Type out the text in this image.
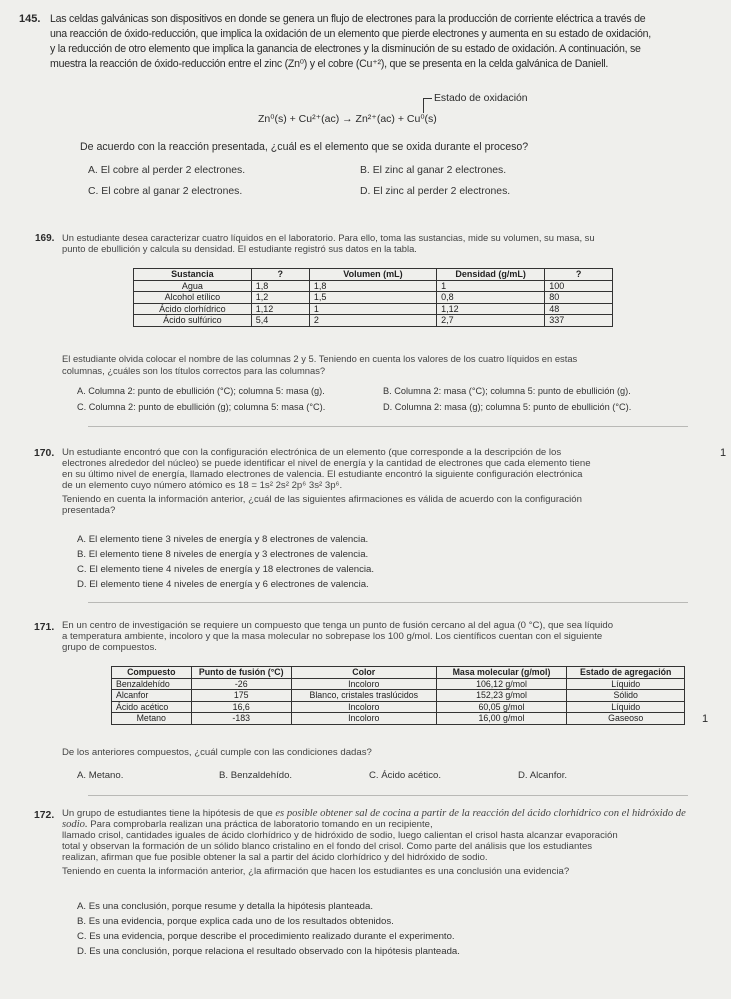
145. Las celdas galvánicas son dispositivos en donde se genera un flujo de electrones para la producción de corriente eléctrica a través de
una reacción de óxido-reducción, que implica la oxidación de un elemento que pierde electrones y aumenta en su estado de oxidación,
y la reducción de otro elemento que implica la ganancia de electrones y la disminución de su estado de oxidación. A continuación, se
muestra la reacción de óxido-reducción entre el zinc (Zn⁰) y el cobre (Cu⁺²), que se presenta en la celda galvánica de Daniell.
Estado de oxidación
Zn⁰(s) + Cu²⁺(ac) → Zn²⁺(ac) + Cu⁰(s)
De acuerdo con la reacción presentada, ¿cuál es el elemento que se oxida durante el proceso?
A. El cobre al perder 2 electrones.	B. El zinc al ganar 2 electrones.
C. El cobre al ganar 2 electrones.	D. El zinc al perder 2 electrones.
169. Un estudiante desea caracterizar cuatro líquidos en el laboratorio. Para ello, toma las sustancias, mide su volumen, su masa, su
punto de ebullición y calcula su densidad. El estudiante registró sus datos en la tabla.
Sustancia	?	Volumen (mL)	Densidad (g/mL)	?
Agua	1,8	1,8	1	100
Alcohol etílico	1,2	1,5	0,8	80
Ácido clorhídrico	1,12	1	1,12	48
Ácido sulfúrico	5,4	2	2,7	337
El estudiante olvida colocar el nombre de las columnas 2 y 5. Teniendo en cuenta los valores de los cuatro líquidos en estas
columnas, ¿cuáles son los títulos correctos para las columnas?
A. Columna 2: punto de ebullición (°C); columna 5: masa (g).	B. Columna 2: masa (°C); columna 5: punto de ebullición (g).
C. Columna 2: punto de ebullición (g); columna 5: masa (°C).	D. Columna 2: masa (g); columna 5: punto de ebullición (°C).
170. Un estudiante encontró que con la configuración electrónica de un elemento (que corresponde a la descripción de los
electrones alrededor del núcleo) se puede identificar el nivel de energía y la cantidad de electrones que cada elemento tiene
en su último nivel de energía, llamado electrones de valencia. El estudiante encontró la siguiente configuración electrónica
de un elemento cuyo número atómico es 18 = 1s² 2s² 2p⁶ 3s² 3p⁶.
Teniendo en cuenta la información anterior, ¿cuál de las siguientes afirmaciones es válida de acuerdo con la configuración
presentada?
1
A. El elemento tiene 3 niveles de energía y 8 electrones de valencia.
B. El elemento tiene 8 niveles de energía y 3 electrones de valencia.
C. El elemento tiene 4 niveles de energía y 18 electrones de valencia.
D. El elemento tiene 4 niveles de energía y 6 electrones de valencia.
171. En un centro de investigación se requiere un compuesto que tenga un punto de fusión cercano al del agua (0 °C), que sea líquido
a temperatura ambiente, incoloro y que la masa molecular no sobrepase los 100 g/mol. Los científicos cuentan con el siguiente
grupo de compuestos.
Compuesto	Punto de fusión (°C)	Color	Masa molecular (g/mol)	Estado de agregación
Benzaldehído	-26	Incoloro	106,12 g/mol	Líquido
Alcanfor	175	Blanco, cristales traslúcidos	152,23 g/mol	Sólido
Ácido acético	16,6	Incoloro	60,05 g/mol	Líquido
Metano	-183	Incoloro	16,00 g/mol	Gaseoso	1
De los anteriores compuestos, ¿cuál cumple con las condiciones dadas?
A. Metano.	B. Benzaldehído.	C. Ácido acético.	D. Alcanfor.
172. Un grupo de estudiantes tiene la hipótesis de que es posible obtener sal de cocina a partir de la reacción del ácido clorhídrico con el hidróxido de sodio. Para comprobarla realizan una práctica de laboratorio tomando en un recipiente,
llamado crisol, cantidades iguales de ácido clorhídrico y de hidróxido de sodio, luego calientan el crisol hasta alcanzar evaporación
total y observan la formación de un sólido blanco cristalino en el fondo del crisol. Como parte del análisis que los estudiantes
realizan, afirman que fue posible obtener la sal a partir del ácido clorhídrico y del hidróxido de sodio.
Teniendo en cuenta la información anterior, ¿la afirmación que hacen los estudiantes es una conclusión una evidencia?
A. Es una conclusión, porque resume y detalla la hipótesis planteada.
B. Es una evidencia, porque explica cada uno de los resultados obtenidos.
C. Es una evidencia, porque describe el procedimiento realizado durante el experimento.
D. Es una conclusión, porque relaciona el resultado observado con la hipótesis planteada.
